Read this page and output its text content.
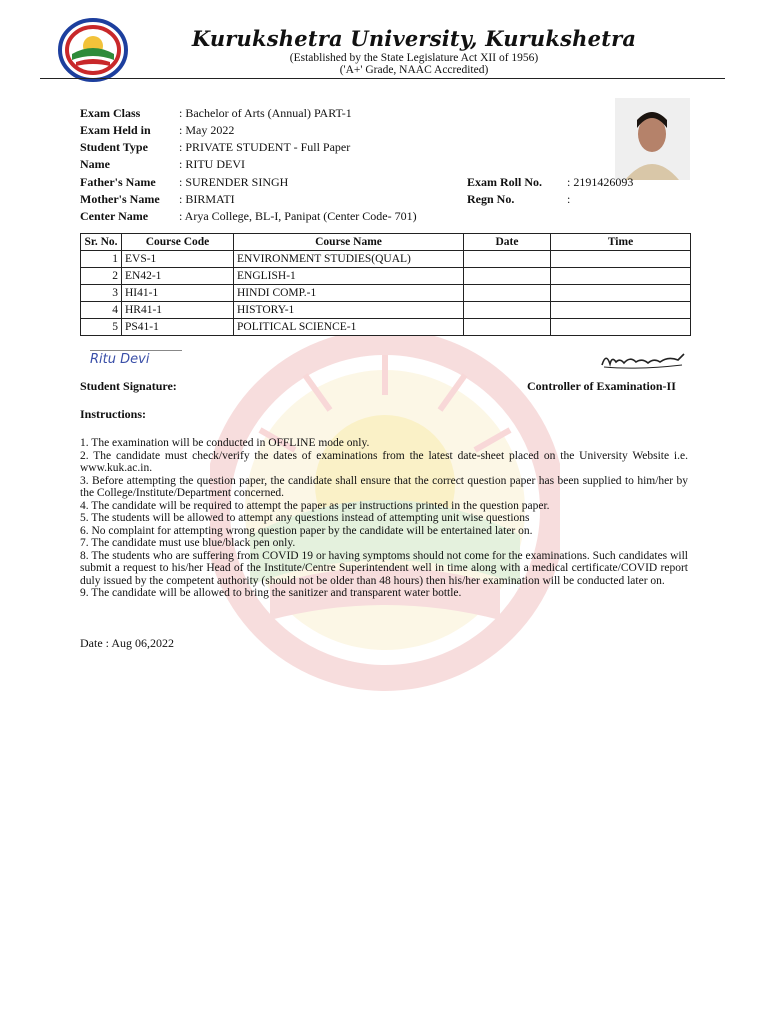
Kurukshetra University, Kurukshetra
(Established by the State Legislature Act XII of 1956)
('A+' Grade, NAAC Accredited)
Exam Class	: Bachelor of Arts (Annual) PART-1
Exam Held in : May 2022
Student Type	: PRIVATE STUDENT - Full Paper
Name	: RITU DEVI
Father's Name : SURENDER SINGH
Mother's Name : BIRMATI
Center Name	: Arya College, BL-I, Panipat (Center Code- 701)
Exam Roll No. : 2191426093
Regn No.	:
Sr. No.	Course Code	Course Name	Date	Time
1	EVS-1	ENVIRONMENT STUDIES(QUAL)		
2	EN42-1	ENGLISH-1		
3	HI41-1	HINDI COMP.-1		
4	HR41-1	HISTORY-1		
5	PS41-1	POLITICAL SCIENCE-1		
Ritu Devi
Student Signature:	Controller of Examination-II
Instructions:
1. The examination will be conducted in OFFLINE mode only.
2. The candidate must check/verify the dates of examinations from the latest date-sheet placed on the University Website i.e. www.kuk.ac.in.
3. Before attempting the question paper, the candidate shall ensure that the correct question paper has been supplied to him/her by the College/Institute/Department concerned.
4. The candidate will be required to attempt the paper as per instructions printed in the question paper.
5. The students will be allowed to attempt any questions instead of attempting unit wise questions
6. No complaint for attempting wrong question paper by the candidate will be entertained later on.
7. The candidate must use blue/black pen only.
8. The students who are suffering from COVID 19 or having symptoms should not come for the examinations. Such candidates will submit a request to his/her Head of the Institute/Centre Superintendent well in time along with a medical certificate/COVID report duly issued by the competent authority (should not be older than 48 hours) then his/her examination will be conducted later on.
9. The candidate will be allowed to bring the sanitizer and transparent water bottle.
Date : Aug 06,2022
